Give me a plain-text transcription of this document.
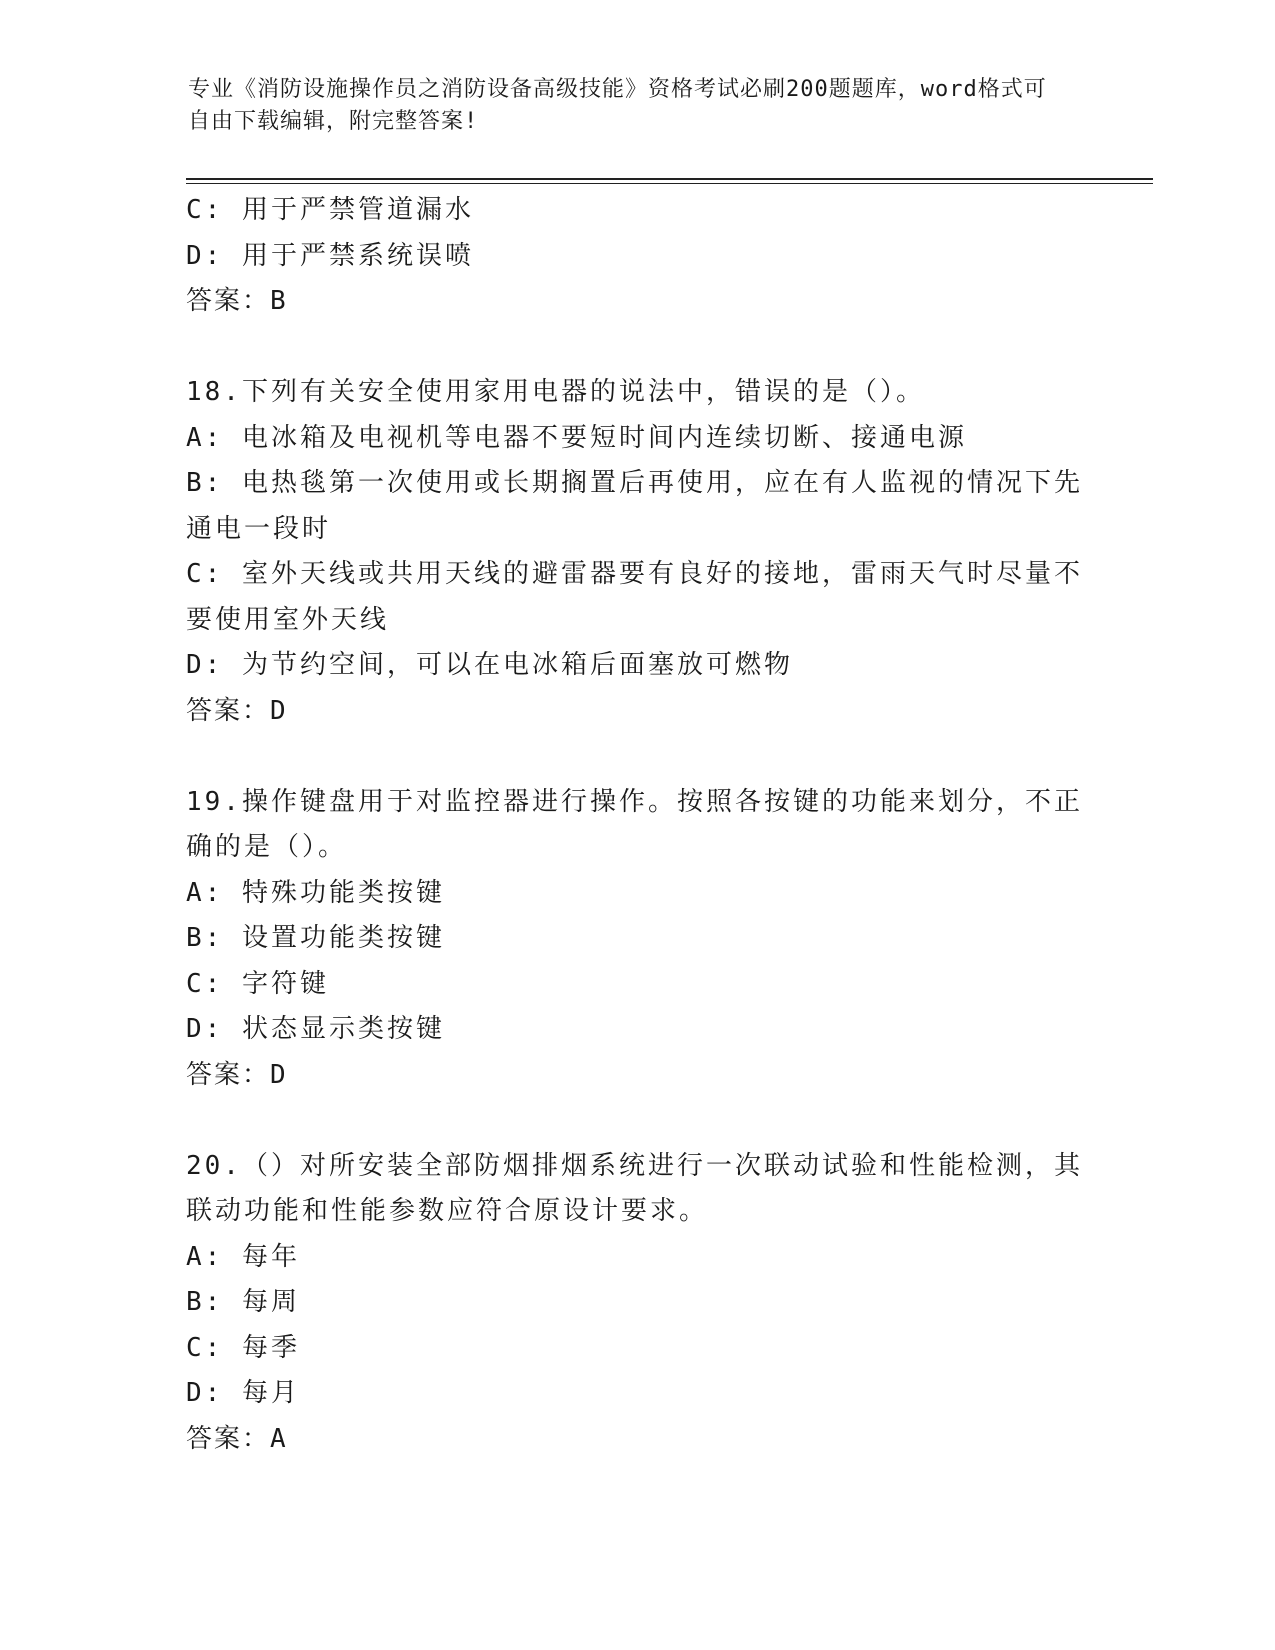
专业《消防设施操作员之消防设备高级技能》资格考试必刷200题题库，word格式可自由下载编辑，附完整答案!
C: 用于严禁管道漏水
D: 用于严禁系统误喷
答案：B
18.下列有关安全使用家用电器的说法中，错误的是（）。
A: 电冰箱及电视机等电器不要短时间内连续切断、接通电源
B: 电热毯第一次使用或长期搁置后再使用，应在有人监视的情况下先
通电一段时
C: 室外天线或共用天线的避雷器要有良好的接地，雷雨天气时尽量不
要使用室外天线
D: 为节约空间，可以在电冰箱后面塞放可燃物
答案：D
19.操作键盘用于对监控器进行操作。按照各按键的功能来划分，不正
确的是（）。
A: 特殊功能类按键
B: 设置功能类按键
C: 字符键
D: 状态显示类按键
答案：D
20.（）对所安装全部防烟排烟系统进行一次联动试验和性能检测，其
联动功能和性能参数应符合原设计要求。
A: 每年
B: 每周
C: 每季
D: 每月
答案：A
